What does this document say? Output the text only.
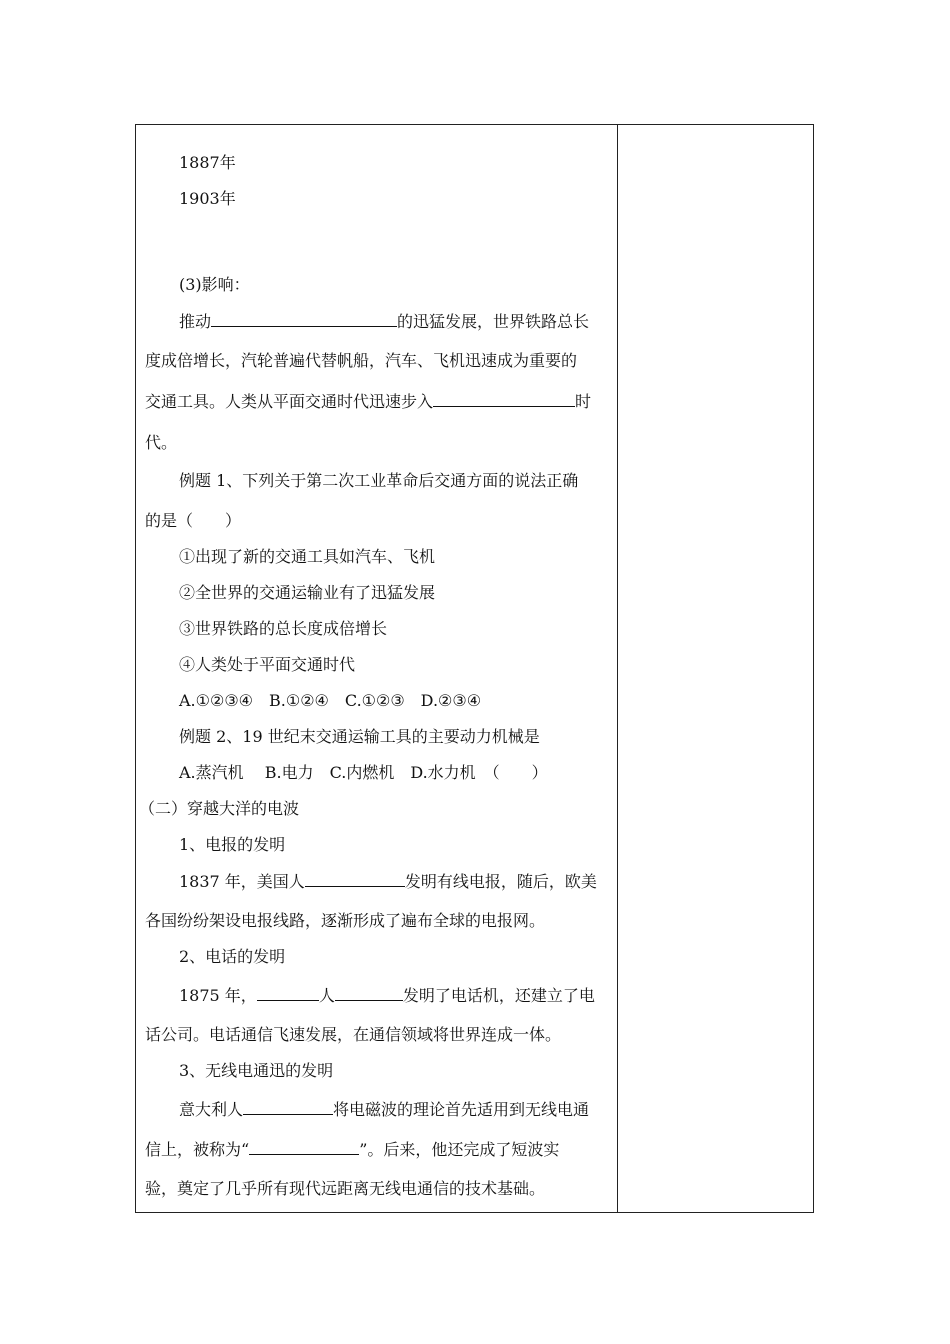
1887年
1903年
(3)影响：
推动	的迅猛发展，世界铁路总长
度成倍增长，汽轮普遍代替帆船，汽车、飞机迅速成为重要的
交通工具。人类从平面交通时代迅速步入	时
代。
例题 1、下列关于第二次工业革命后交通方面的说法正确
的是（　　）
①出现了新的交通工具如汽车、飞机
②全世界的交通运输业有了迅猛发展
③世界铁路的总长度成倍增长
④人类处于平面交通时代
A.①②③④　B.①②④　C.①②③　D.②③④
例题 2、19 世纪末交通运输工具的主要动力机械是
A.蒸汽机　 B.电力　C.内燃机　D.水力机　（　　）
（二）穿越大洋的电波
1、电报的发明
1837 年，美国人	发明有线电报，随后，欧美
各国纷纷架设电报线路，逐渐形成了遍布全球的电报网。
2、电话的发明
1875 年，	人	发明了电话机，还建立了电
话公司。电话通信飞速发展，在通信领域将世界连成一体。
3、无线电通迅的发明
意大利人	将电磁波的理论首先适用到无线电通
信上，被称为“	”。后来，他还完成了短波实
验，奠定了几乎所有现代远距离无线电通信的技术基础。
